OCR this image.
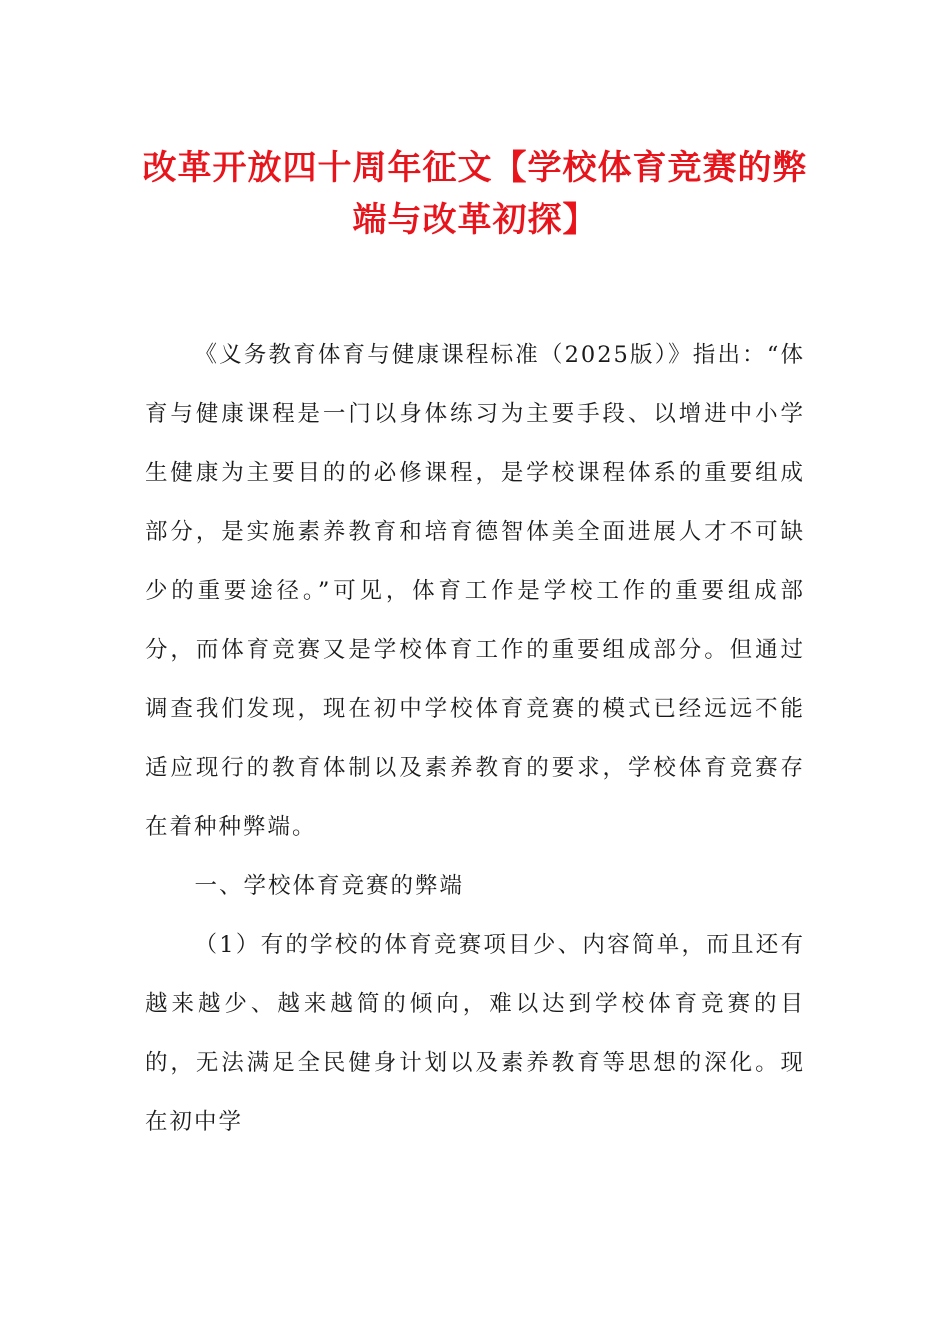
改革开放四十周年征文【学校体育竞赛的弊端与改革初探】

《义务教育体育与健康课程标准（2025版）》指出：“体育与健康课程是一门以身体练习为主要手段、以增进中小学生健康为主要目的的必修课程，是学校课程体系的重要组成部分，是实施素养教育和培育德智体美全面进展人才不可缺少的重要途径。”可见，体育工作是学校工作的重要组成部分，而体育竞赛又是学校体育工作的重要组成部分。但通过调查我们发现，现在初中学校体育竞赛的模式已经远远不能适应现行的教育体制以及素养教育的要求，学校体育竞赛存在着种种弊端。

一、学校体育竞赛的弊端

（1）有的学校的体育竞赛项目少、内容简单，而且还有越来越少、越来越简的倾向，难以达到学校体育竞赛的目的，无法满足全民健身计划以及素养教育等思想的深化。现在初中学
